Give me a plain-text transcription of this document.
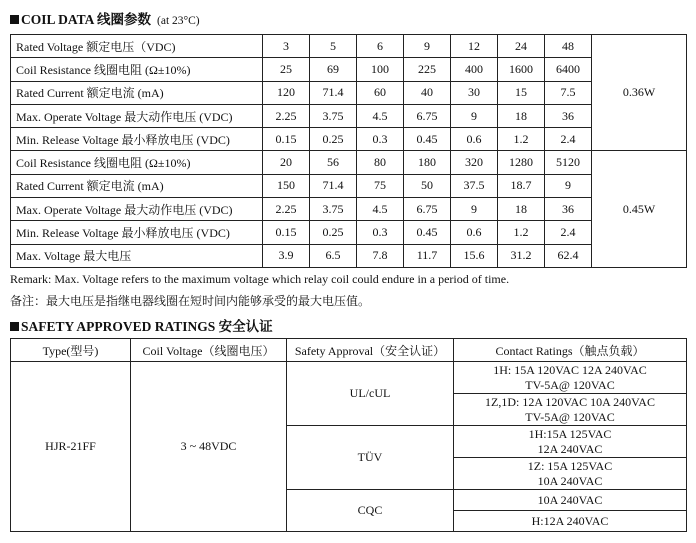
COIL DATA 线圈参数 (at 23°C)
Rated Voltage 额定电压（VDC)	3	5	6	9	12	24	48	0.36W
Coil Resistance 线圈电阻 (Ω±10%)	25	69	100	225	400	1600	6400	
Rated Current 额定电流 (mA)	120	71.4	60	40	30	15	7.5	
Max. Operate Voltage 最大动作电压 (VDC)	2.25	3.75	4.5	6.75	9	18	36	
Min. Release Voltage 最小释放电压 (VDC)	0.15	0.25	0.3	0.45	0.6	1.2	2.4	
Coil Resistance 线圈电阻 (Ω±10%)	20	56	80	180	320	1280	5120	0.45W
Rated Current 额定电流 (mA)	150	71.4	75	50	37.5	18.7	9	
Max. Operate Voltage 最大动作电压 (VDC)	2.25	3.75	4.5	6.75	9	18	36	
Min. Release Voltage 最小释放电压 (VDC)	0.15	0.25	0.3	0.45	0.6	1.2	2.4	
Max. Voltage 最大电压	3.9	6.5	7.8	11.7	15.6	31.2	62.4	
Remark: Max. Voltage refers to the maximum voltage which relay coil could endure in a period of time.
备注：最大电压是指继电器线圈在短时间内能够承受的最大电压值。
SAFETY APPROVED RATINGS 安全认证
Type(型号)	Coil Voltage（线圈电压）	Safety Approval（安全认证）	Contact Ratings（触点负载）
HJR-21FF	3 ~ 48VDC	UL/cUL	1H: 15A 120VAC 12A 240VAC
TV-5A@ 120VAC

			1Z,1D: 12A 120VAC 10A 240VAC
TV-5A@ 120VAC

		TÜV	1H:15A 125VAC
12A 240VAC

			1Z: 15A 125VAC
10A 240VAC

		CQC	10A 240VAC
			H:12A 240VAC
